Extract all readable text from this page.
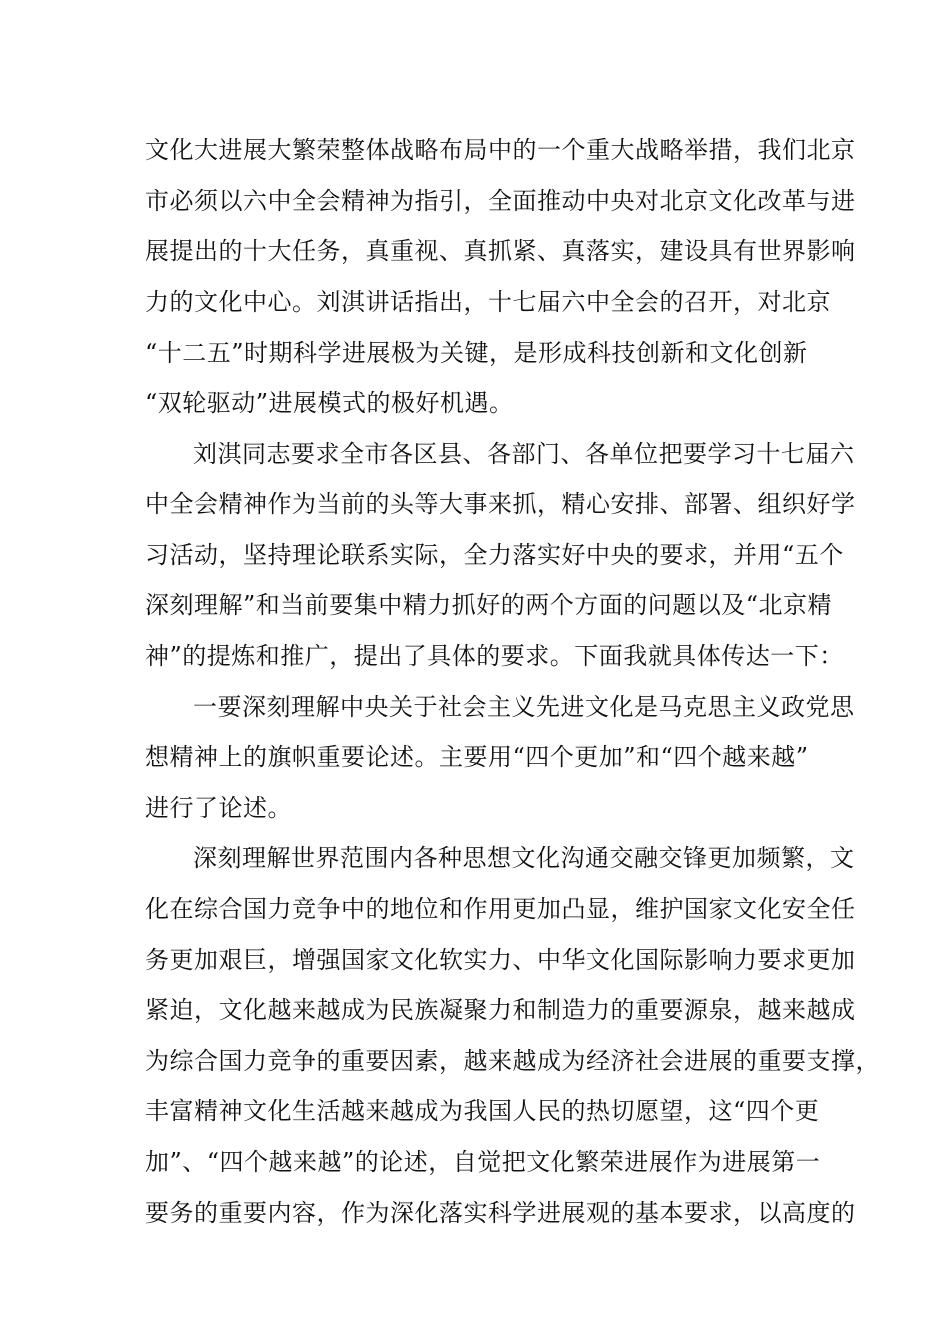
文化大进展大繁荣整体战略布局中的一个重大战略举措，我们北京
市必须以六中全会精神为指引，全面推动中央对北京文化改革与进
展提出的十大任务，真重视、真抓紧、真落实，建设具有世界影响
力的文化中心。刘淇讲话指出，十七届六中全会的召开，对北京
“十二五”时期科学进展极为关键，是形成科技创新和文化创新
“双轮驱动”进展模式的极好机遇。
刘淇同志要求全市各区县、各部门、各单位把要学习十七届六
中全会精神作为当前的头等大事来抓，精心安排、部署、组织好学
习活动，坚持理论联系实际，全力落实好中央的要求，并用“五个
深刻理解”和当前要集中精力抓好的两个方面的问题以及“北京精
神”的提炼和推广，提出了具体的要求。下面我就具体传达一下：
一要深刻理解中央关于社会主义先进文化是马克思主义政党思
想精神上的旗帜重要论述。主要用“四个更加”和“四个越来越”
进行了论述。
深刻理解世界范围内各种思想文化沟通交融交锋更加频繁，文
化在综合国力竞争中的地位和作用更加凸显，维护国家文化安全任
务更加艰巨，增强国家文化软实力、中华文化国际影响力要求更加
紧迫，文化越来越成为民族凝聚力和制造力的重要源泉，越来越成
为综合国力竞争的重要因素，越来越成为经济社会进展的重要支撑，
丰富精神文化生活越来越成为我国人民的热切愿望，这“四个更
加”、“四个越来越”的论述，自觉把文化繁荣进展作为进展第一
要务的重要内容，作为深化落实科学进展观的基本要求，以高度的
